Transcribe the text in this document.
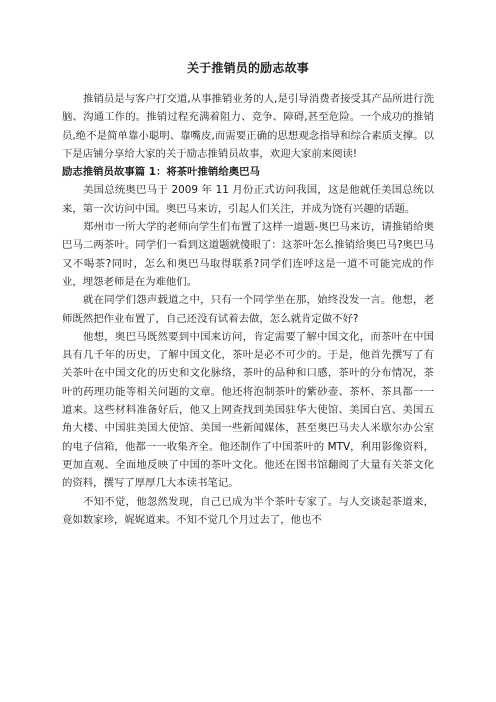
关于推销员的励志故事

推销员是与客户打交道,从事推销业务的人,是引导消费者接受其产品所进行洗脑、沟通工作的。推销过程充满着阻力、竞争、障碍,甚至危险。一个成功的推销员,绝不是简单靠小聪明、靠嘴皮,而需要正确的思想观念指导和综合素质支撑。以下是店铺分享给大家的关于励志推销员故事，欢迎大家前来阅读!

励志推销员故事篇 1：将茶叶推销给奥巴马

美国总统奥巴马于 2009 年 11 月份正式访问我国，这是他就任美国总统以来，第一次访问中国。奥巴马来访，引起人们关注，并成为饶有兴趣的话题。

郑州市一所大学的老师向学生们布置了这样一道题-奥巴马来访，请推销给奥巴马二两茶叶。同学们一看到这道题就傻眼了：这茶叶怎么推销给奥巴马?奥巴马又不喝茶?同时，怎么和奥巴马取得联系?同学们连呼这是一道不可能完成的作业，埋怨老师是在为难他们。

就在同学们怨声载道之中，只有一个同学坐在那，始终没发一言。他想，老师既然把作业布置了，自己还没有试着去做，怎么就肯定做不好?

他想，奥巴马既然要到中国来访问，肯定需要了解中国文化，而茶叶在中国具有几千年的历史，了解中国文化，茶叶是必不可少的。于是，他首先撰写了有关茶叶在中国文化的历史和文化脉络，茶叶的品种和口感，茶叶的分布情况，茶叶的药理功能等相关问题的文章。他还将泡制茶叶的紫砂壶、茶杯、茶具都一一道来。这些材料准备好后，他又上网查找到美国驻华大使馆、美国白宫、美国五角大楼、中国驻美国大使馆、美国一些新闻媒体，甚至奥巴马夫人米歇尔办公室的电子信箱，他都一一收集齐全。他还制作了中国茶叶的 MTV，利用影像资料，更加直观、全面地反映了中国的茶叶文化。他还在图书馆翻阅了大量有关茶文化的资料，撰写了厚厚几大本读书笔记。

不知不觉，他忽然发现，自己已成为半个茶叶专家了。与人交谈起茶道来，竟如数家珍，娓娓道来。不知不觉几个月过去了，他也不
